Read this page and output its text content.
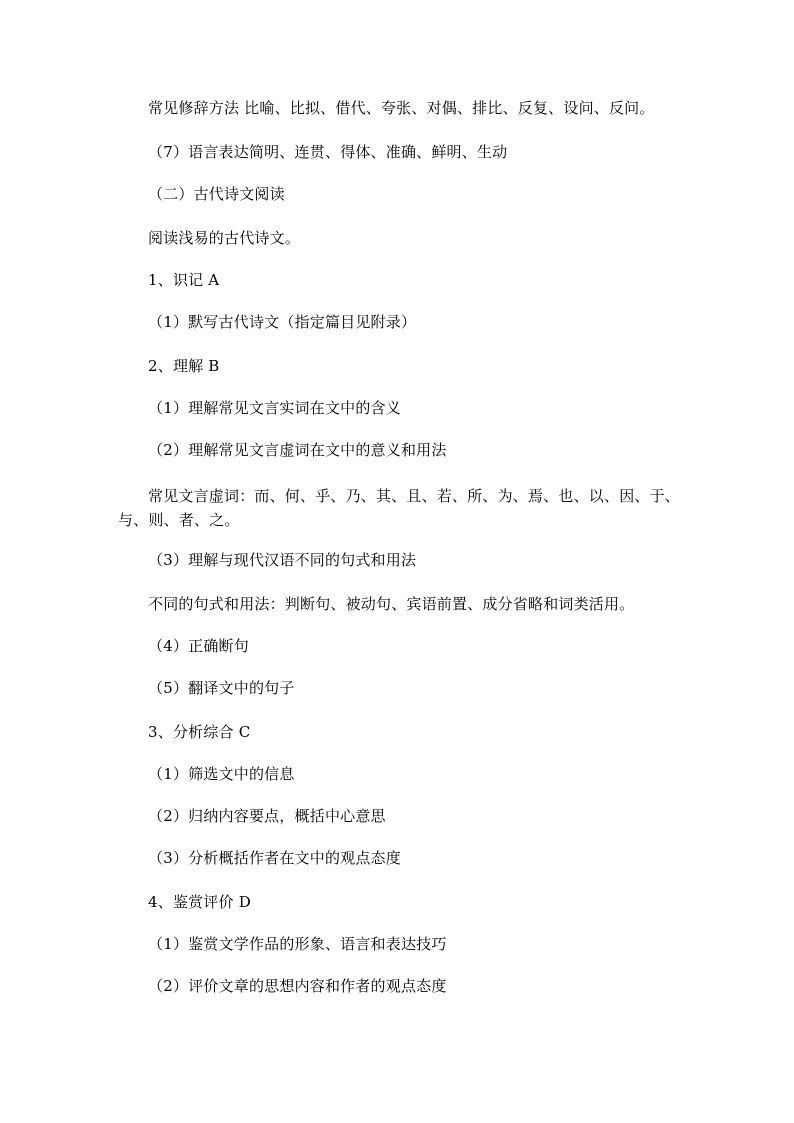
常见修辞方法 比喻、比拟、借代、夸张、对偶、排比、反复、设问、反问。
（7）语言表达简明、连贯、得体、准确、鲜明、生动
（二）古代诗文阅读
阅读浅易的古代诗文。
1、识记 A
（1）默写古代诗文（指定篇目见附录）
2、理解 B
（1）理解常见文言实词在文中的含义
（2）理解常见文言虚词在文中的意义和用法
常见文言虚词：而、何、乎、乃、其、且、若、所、为、焉、也、以、因、于、与、则、者、之。
（3）理解与现代汉语不同的句式和用法
不同的句式和用法：判断句、被动句、宾语前置、成分省略和词类活用。
（4）正确断句
（5）翻译文中的句子
3、分析综合 C
（1）筛选文中的信息
（2）归纳内容要点，概括中心意思
（3）分析概括作者在文中的观点态度
4、鉴赏评价 D
（1）鉴赏文学作品的形象、语言和表达技巧
（2）评价文章的思想内容和作者的观点态度
